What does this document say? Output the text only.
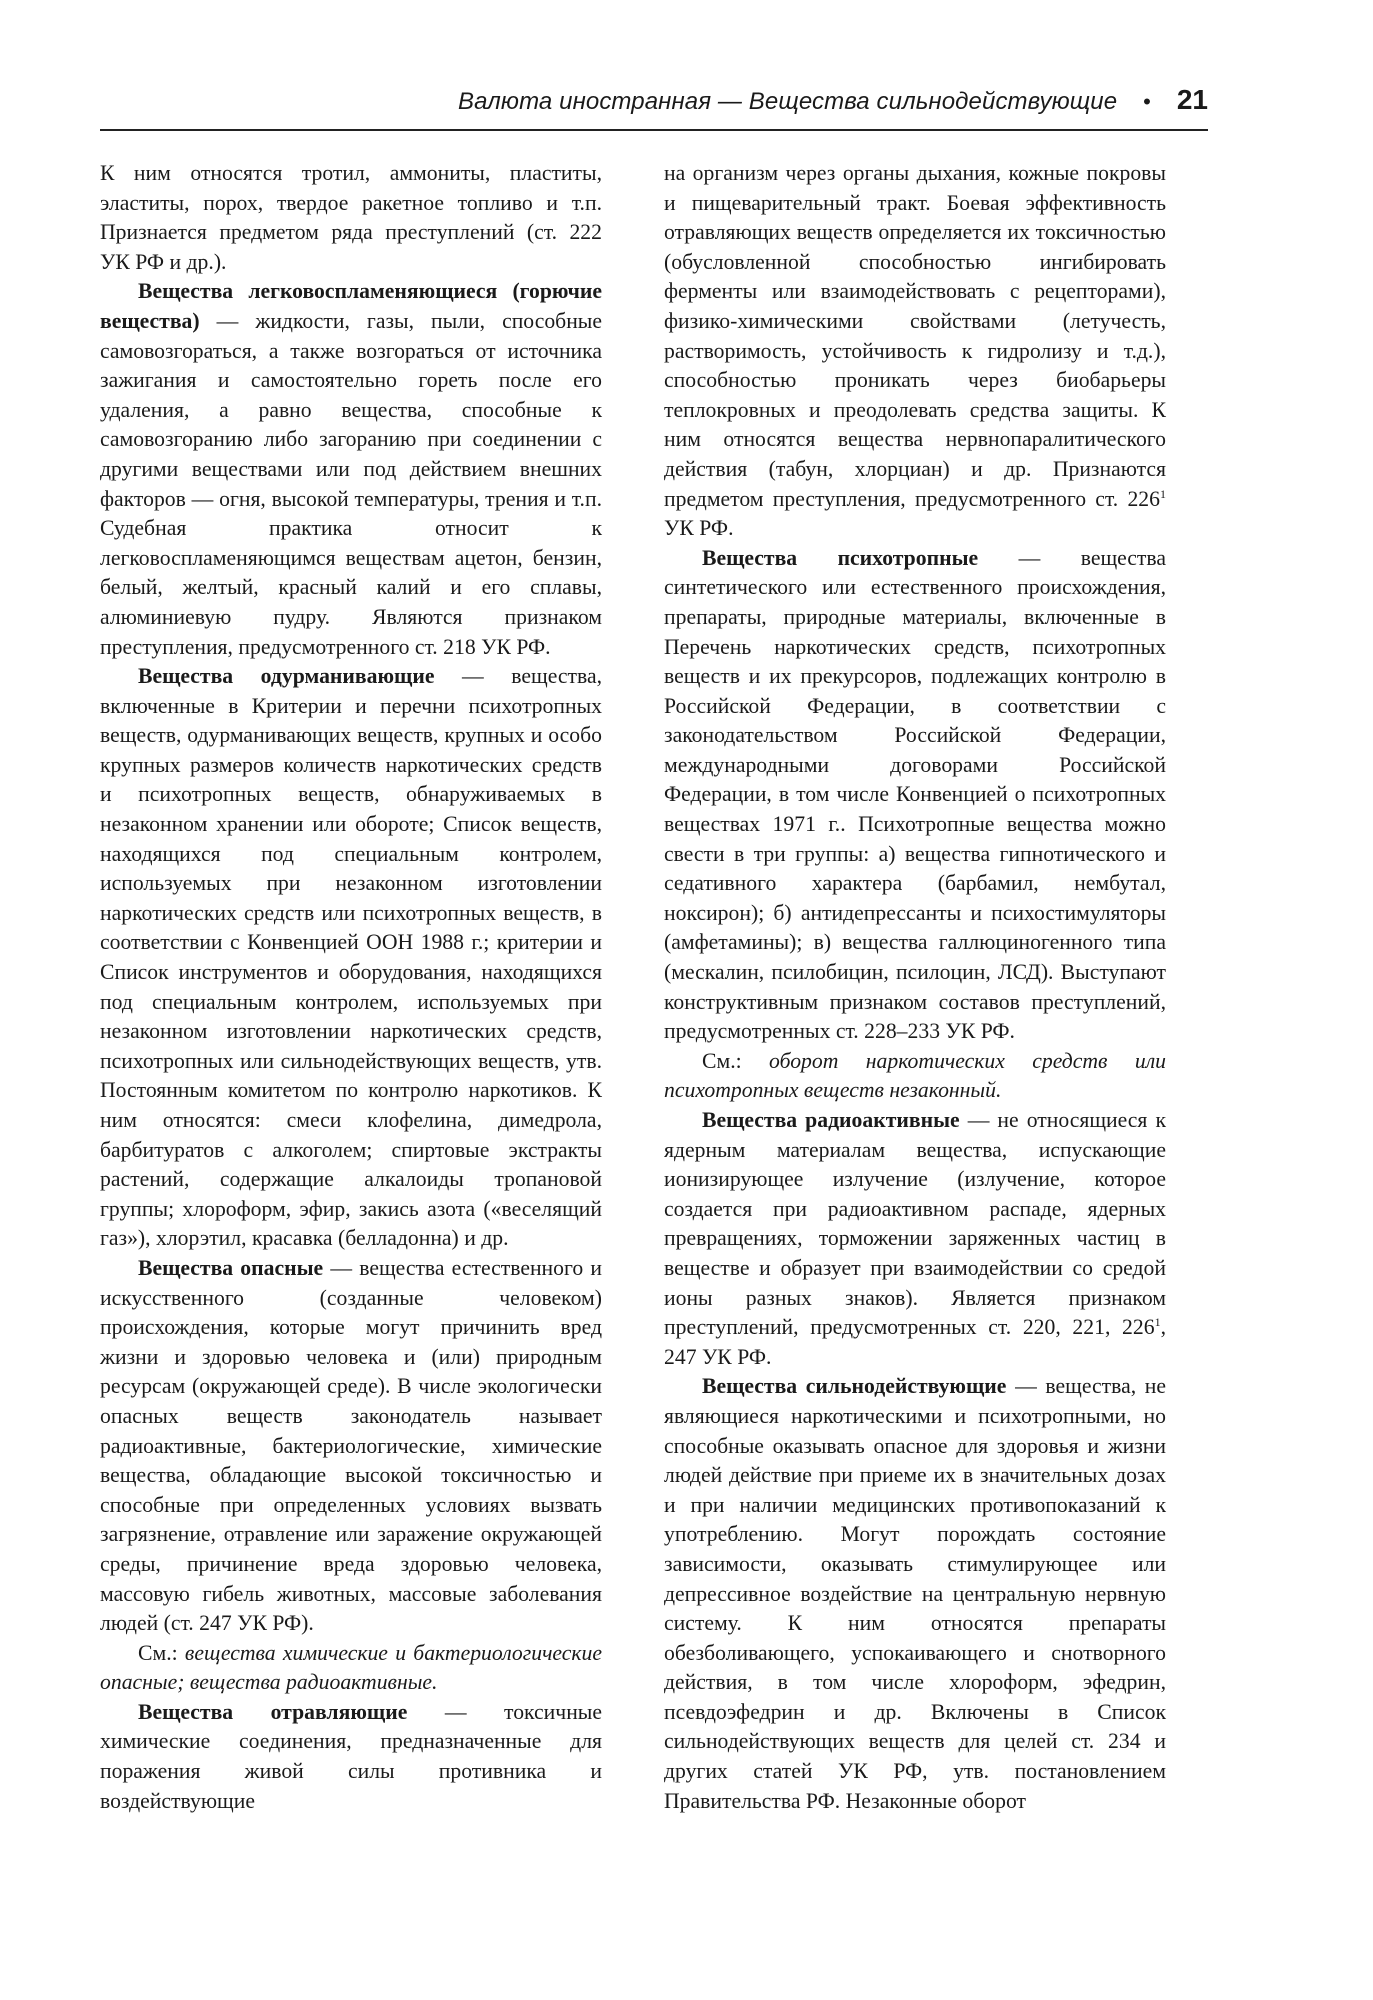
Валюта иностранная — Вещества сильнодействующие • 21

К ним относятся тротил, аммониты, пластиты, эластиты, порох, твердое ракетное топливо и т.п. Признается предметом ряда преступлений (ст. 222 УК РФ и др.).

Вещества легковоспламеняющиеся (горючие вещества) — жидкости, газы, пыли, способные самовозгораться, а также возгораться от источника зажигания и самостоятельно гореть после его удаления, а равно вещества, способные к самовозгоранию либо загоранию при соединении с другими веществами или под действием внешних факторов — огня, высокой температуры, трения и т.п. Судебная практика относит к легковоспламеняющимся веществам ацетон, бензин, белый, желтый, красный калий и его сплавы, алюминиевую пудру. Являются признаком преступления, предусмотренного ст. 218 УК РФ.

Вещества одурманивающие — вещества, включенные в Критерии и перечни психотропных веществ, одурманивающих веществ, крупных и особо крупных размеров количеств наркотических средств и психотропных веществ, обнаруживаемых в незаконном хранении или обороте; Список веществ, находящихся под специальным контролем, используемых при незаконном изготовлении наркотических средств или психотропных веществ, в соответствии с Конвенцией ООН 1988 г.; критерии и Список инструментов и оборудования, находящихся под специальным контролем, используемых при незаконном изготовлении наркотических средств, психотропных или сильнодействующих веществ, утв. Постоянным комитетом по контролю наркотиков. К ним относятся: смеси клофелина, димедрола, барбитуратов с алкоголем; спиртовые экстракты растений, содержащие алкалоиды тропановой группы; хлороформ, эфир, закись азота («веселящий газ»), хлорэтил, красавка (белладонна) и др.

Вещества опасные — вещества естественного и искусственного (созданные человеком) происхождения, которые могут причинить вред жизни и здоровью человека и (или) природным ресурсам (окружающей среде). В числе экологически опасных веществ законодатель называет радиоактивные, бактериологические, химические вещества, обладающие высокой токсичностью и способные при определенных условиях вызвать загрязнение, отравление или заражение окружающей среды, причинение вреда здоровью человека, массовую гибель животных, массовые заболевания людей (ст. 247 УК РФ).

См.: вещества химические и бактериологические опасные; вещества радиоактивные.

Вещества отравляющие — токсичные химические соединения, предназначенные для поражения живой силы противника и воздействующие

на организм через органы дыхания, кожные покровы и пищеварительный тракт. Боевая эффективность отравляющих веществ определяется их токсичностью (обусловленной способностью ингибировать ферменты или взаимодействовать с рецепторами), физико-химическими свойствами (летучесть, растворимость, устойчивость к гидролизу и т.д.), способностью проникать через биобарьеры теплокровных и преодолевать средства защиты. К ним относятся вещества нервнопаралитического действия (табун, хлорциан) и др. Признаются предметом преступления, предусмотренного ст. $226^1$ УК РФ.

Вещества психотропные — вещества синтетического или естественного происхождения, препараты, природные материалы, включенные в Перечень наркотических средств, психотропных веществ и их прекурсоров, подлежащих контролю в Российской Федерации, в соответствии с законодательством Российской Федерации, международными договорами Российской Федерации, в том числе Конвенцией о психотропных веществах 1971 г.. Психотропные вещества можно свести в три группы: а) вещества гипнотического и седативного характера (барбамил, нембутал, ноксирон); б) антидепрессанты и психостимуляторы (амфетамины); в) вещества галлюциногенного типа (мескалин, псилобицин, псилоцин, ЛСД). Выступают конструктивным признаком составов преступлений, предусмотренных ст. 228–233 УК РФ.

См.: оборот наркотических средств или психотропных веществ незаконный.

Вещества радиоактивные — не относящиеся к ядерным материалам вещества, испускающие ионизирующее излучение (излучение, которое создается при радиоактивном распаде, ядерных превращениях, торможении заряженных частиц в веществе и образует при взаимодействии со средой ионы разных знаков). Является признаком преступлений, предусмотренных ст. 220, 221, $226^1$, 247 УК РФ.

Вещества сильнодействующие — вещества, не являющиеся наркотическими и психотропными, но способные оказывать опасное для здоровья и жизни людей действие при приеме их в значительных дозах и при наличии медицинских противопоказаний к употреблению. Могут порождать состояние зависимости, оказывать стимулирующее или депрессивное воздействие на центральную нервную систему. К ним относятся препараты обезболивающего, успокаивающего и снотворного действия, в том числе хлороформ, эфедрин, псевдоэфедрин и др. Включены в Список сильнодействующих веществ для целей ст. 234 и других статей УК РФ, утв. постановлением Правительства РФ. Незаконные оборот
